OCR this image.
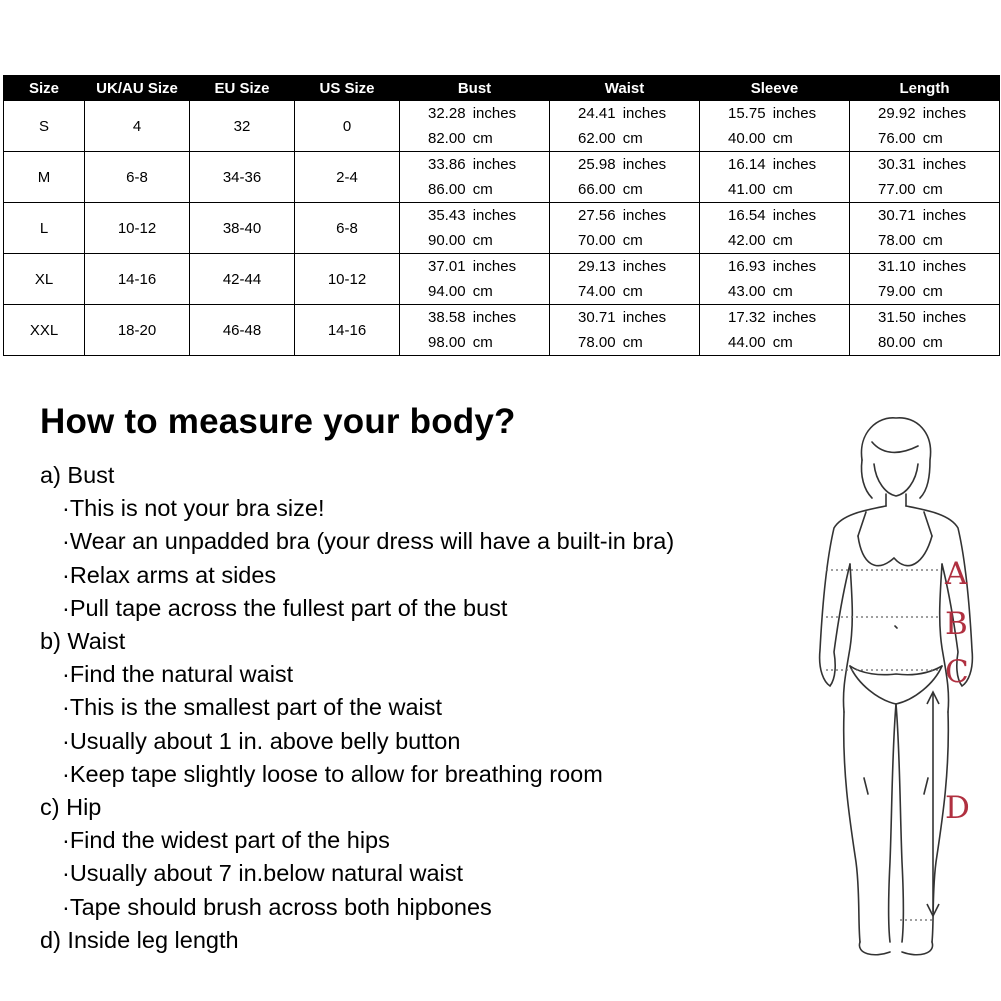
Size	UK/AU Size	EU Size	US Size	Bust	Waist	Sleeve	Length
S	4	32	0	32.28 inches	24.41 inches	15.75 inches	29.92 inches
				82.00 cm	62.00 cm	40.00 cm	76.00 cm
M	6-8	34-36	2-4	33.86 inches	25.98 inches	16.14 inches	30.31 inches
				86.00 cm	66.00 cm	41.00 cm	77.00 cm
L	10-12	38-40	6-8	35.43 inches	27.56 inches	16.54 inches	30.71 inches
				90.00 cm	70.00 cm	42.00 cm	78.00 cm
XL	14-16	42-44	10-12	37.01 inches	29.13 inches	16.93 inches	31.10 inches
				94.00 cm	74.00 cm	43.00 cm	79.00 cm
XXL	18-20	46-48	14-16	38.58 inches	30.71 inches	17.32 inches	31.50 inches
				98.00 cm	78.00 cm	44.00 cm	80.00 cm
How to measure your body?
a) Bust
·This is not your bra size!
·Wear an unpadded bra (your dress will have a built-in bra)
·Relax arms at sides
·Pull tape across the fullest part of the bust
b) Waist
·Find the natural waist
·This is the smallest part of the waist
·Usually about 1 in. above belly button
·Keep tape slightly loose to allow for breathing room
c) Hip
·Find the widest part of the hips
·Usually about 7 in.below natural waist
·Tape should brush across both hipbones
d) Inside leg length
A
B
C
D
